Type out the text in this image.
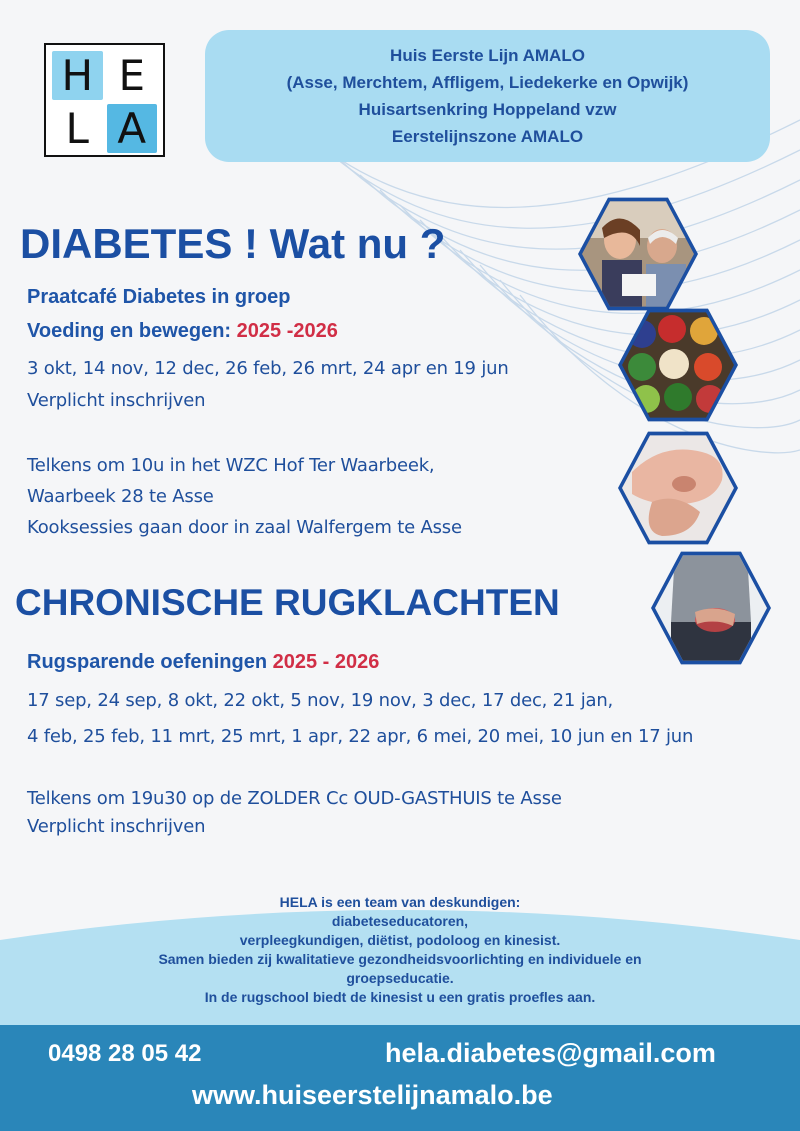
H E
L A
Huis Eerste Lijn AMALO
(Asse, Merchtem, Affligem, Liedekerke en Opwijk)
Huisartsenkring Hoppeland vzw
Eerstelijnszone AMALO
DIABETES ! Wat nu ?
Praatcafé Diabetes in groep
Voeding en bewegen: 2025 -2026
3 okt, 14 nov, 12 dec, 26 feb, 26 mrt, 24 apr en 19 jun
Verplicht inschrijven
Telkens om 10u in het WZC Hof Ter Waarbeek,
Waarbeek 28 te Asse
Kooksessies gaan door in zaal Walfergem te Asse
CHRONISCHE RUGKLACHTEN
Rugsparende oefeningen 2025 - 2026
17 sep, 24 sep, 8 okt, 22 okt, 5 nov, 19 nov, 3 dec, 17 dec, 21 jan,
4 feb, 25 feb, 11 mrt, 25 mrt, 1 apr, 22 apr, 6 mei, 20 mei, 10 jun en 17 jun
Telkens om 19u30 op de ZOLDER Cc OUD-GASTHUIS te Asse
Verplicht inschrijven
HELA is een team van deskundigen:
diabeteseducatoren,
verpleegkundigen, diëtist, podoloog en kinesist.
Samen bieden zij kwalitatieve gezondheidsvoorlichting en individuele en
groepseducatie.
In de rugschool biedt de kinesist u een gratis proefles aan.
0498 28 05 42	hela.diabetes@gmail.com
www.huiseerstelijnamalo.be
